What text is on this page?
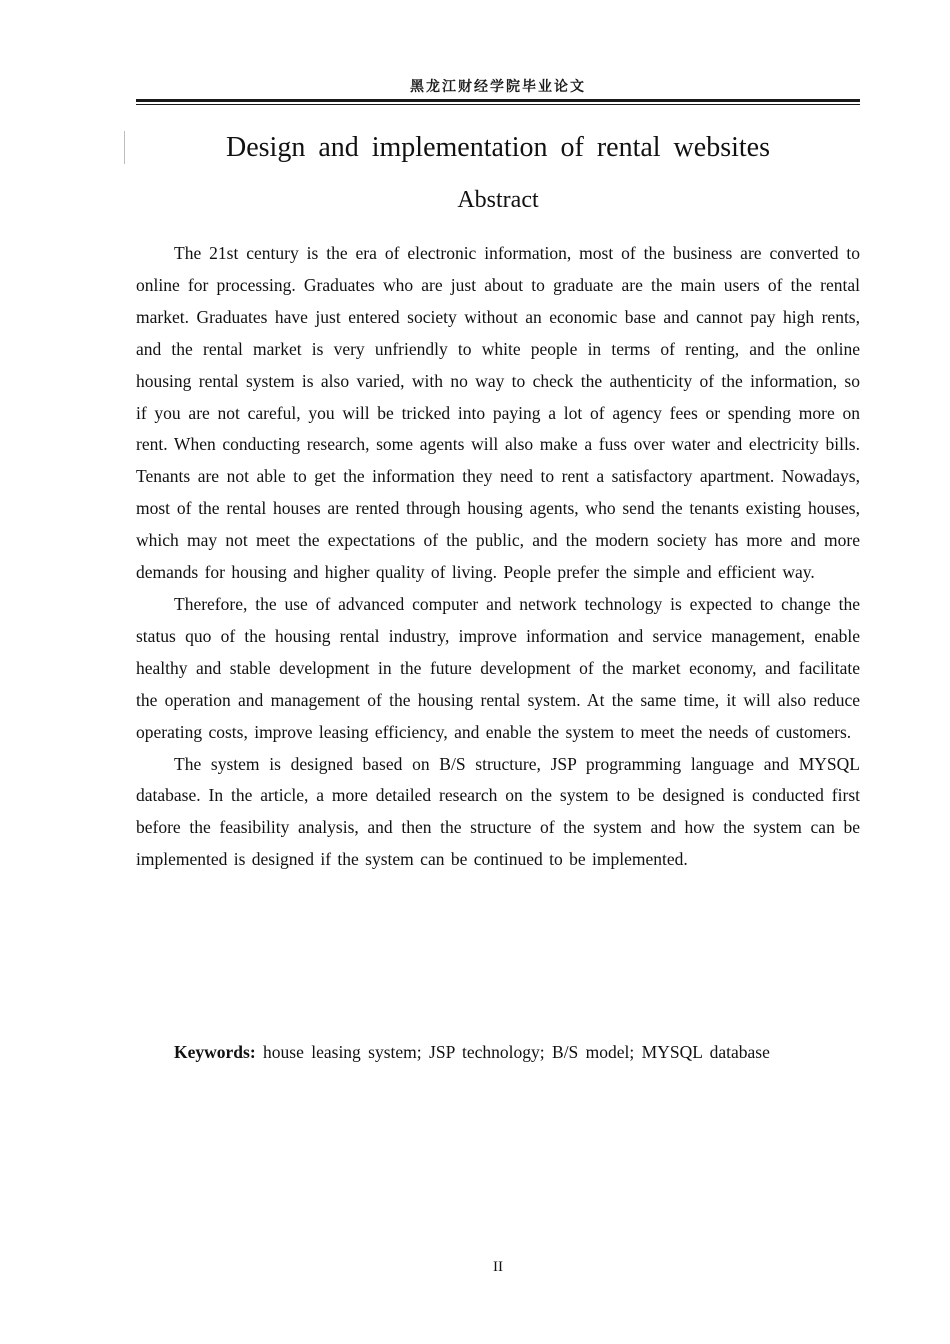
黑龙江财经学院毕业论文
Design and implementation of rental websites
Abstract

The 21st century is the era of electronic information, most of the business are converted to online for processing. Graduates who are just about to graduate are the main users of the rental market. Graduates have just entered society without an economic base and cannot pay high rents, and the rental market is very unfriendly to white people in terms of renting, and the online housing rental system is also varied, with no way to check the authenticity of the information, so if you are not careful, you will be tricked into paying a lot of agency fees or spending more on rent. When conducting research, some agents will also make a fuss over water and electricity bills. Tenants are not able to get the information they need to rent a satisfactory apartment. Nowadays, most of the rental houses are rented through housing agents, who send the tenants existing houses, which may not meet the expectations of the public, and the modern society has more and more demands for housing and higher quality of living. People prefer the simple and efficient way.

Therefore, the use of advanced computer and network technology is expected to change the status quo of the housing rental industry, improve information and service management, enable healthy and stable development in the future development of the market economy, and facilitate the operation and management of the housing rental system. At the same time, it will also reduce operating costs, improve leasing efficiency, and enable the system to meet the needs of customers.

The system is designed based on B/S structure, JSP programming language and MYSQL database. In the article, a more detailed research on the system to be designed is conducted first before the feasibility analysis, and then the structure of the system and how the system can be implemented is designed if the system can be continued to be implemented.

Keywords: house leasing system; JSP technology; B/S model; MYSQL database
II
